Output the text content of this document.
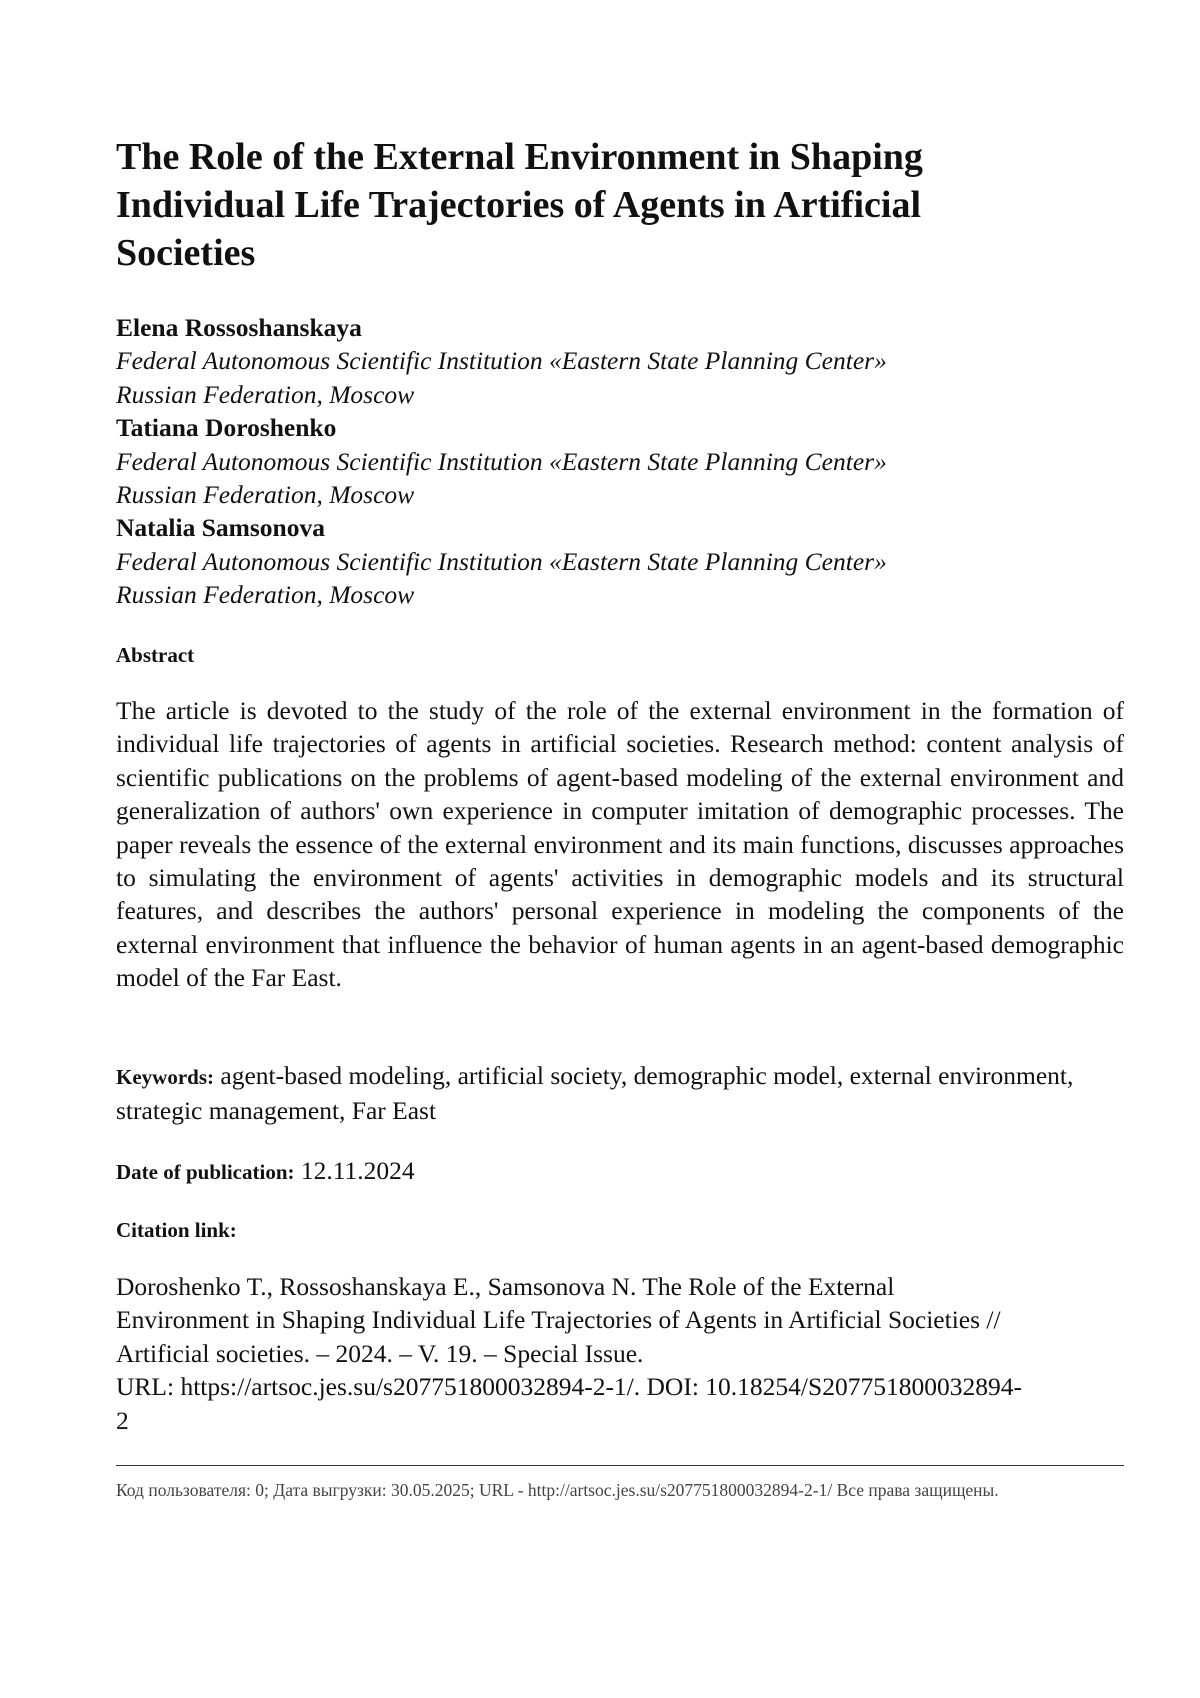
The Role of the External Environment in Shaping Individual Life Trajectories of Agents in Artificial Societies
Elena Rossoshanskaya
Federal Autonomous Scientific Institution «Eastern State Planning Center»
Russian Federation, Moscow
Tatiana Doroshenko
Federal Autonomous Scientific Institution «Eastern State Planning Center»
Russian Federation, Moscow
Natalia Samsonova
Federal Autonomous Scientific Institution «Eastern State Planning Center»
Russian Federation, Moscow
Abstract

The article is devoted to the study of the role of the external environment in the formation of individual life trajectories of agents in artificial societies. Research method: content analysis of scientific publications on the problems of agent-based modeling of the external environment and generalization of authors' own experience in computer imitation of demographic processes. The paper reveals the essence of the external environment and its main functions, discusses approaches to simulating the environment of agents' activities in demographic models and its structural features, and describes the authors' personal experience in modeling the components of the external environment that influence the behavior of human agents in an agent-based demographic model of the Far East.

Keywords: agent-based modeling, artificial society, demographic model, external environment, strategic management, Far East

Date of publication: 12.11.2024
Citation link:

Doroshenko T., Rossoshanskaya E., Samsonova N. The Role of the External
Environment in Shaping Individual Life Trajectories of Agents in Artificial Societies //
Artificial societies. – 2024. – V. 19. – Special Issue.
URL: https://artsoc.jes.su/s207751800032894-2-1/. DOI: 10.18254/S207751800032894-
2

Код пользователя: 0; Дата выгрузки: 30.05.2025; URL - http://artsoc.jes.su/s207751800032894-2-1/ Все права защищены.
